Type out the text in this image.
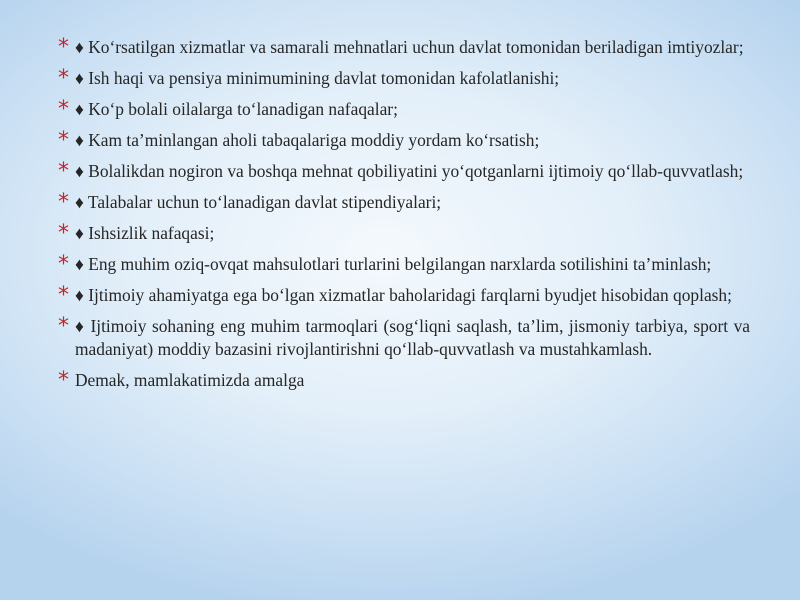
* ♦ Ko‘rsatilgan xizmatlar va samarali mehnatlari uchun davlat tomonidan beriladigan imtiyozlar;
* ♦ Ish haqi va pensiya minimumining davlat tomonidan kafolatlanishi;
* ♦ Ko‘p bolali oilalarga to‘lanadigan nafaqalar;
* ♦ Kam ta’minlangan aholi tabaqalariga moddiy yordam ko‘rsatish;
* ♦ Bolalikdan nogiron va boshqa mehnat qobiliyatini yo‘qotganlarni ijtimoiy qo‘llab-quvvatlash;
* ♦ Talabalar uchun to‘lanadigan davlat stipendiyalari;
* ♦ Ishsizlik nafaqasi;
* ♦ Eng muhim oziq-ovqat mahsulotlari turlarini belgilangan narxlarda sotilishini ta’minlash;
* ♦ Ijtimoiy ahamiyatga ega bo‘lgan xizmatlar baholaridagi farqlarni byudjet hisobidan qoplash;
* ♦ Ijtimoiy sohaning eng muhim tarmoqlari (sog‘liqni saqlash, ta’lim, jismoniy tarbiya, sport va madaniyat) moddiy bazasini rivojlantirishni qo‘llab-quvvatlash va mustahkamlash.
* Demak, mamlakatimizda amalga
